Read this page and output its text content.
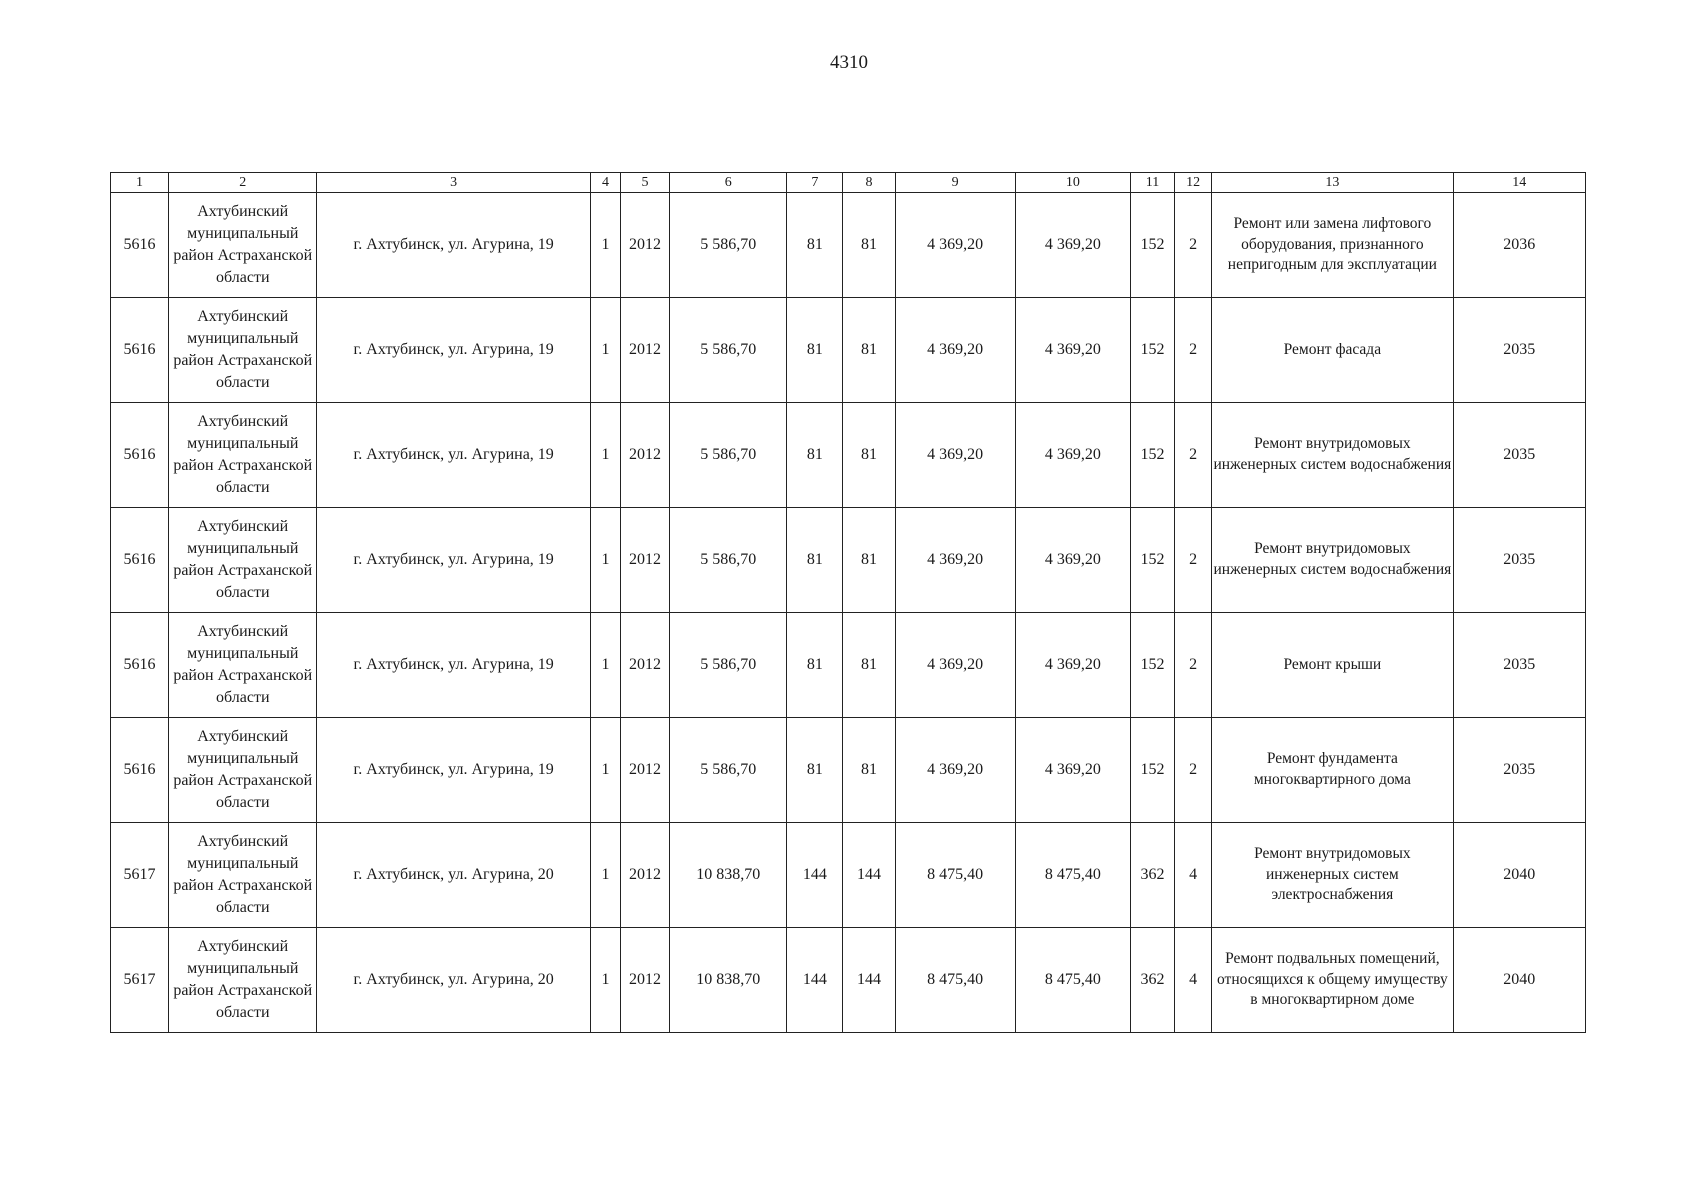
4310
1	2	3	4	5	6	7	8	9	10	11	12	13	14
5616	Ахтубинский муниципальный район Астраханской области	г. Ахтубинск, ул. Агурина, 19	1	2012	5 586,70	81	81	4 369,20	4 369,20	152	2	Ремонт или замена лифтового оборудования, признанного непригодным для эксплуатации	2036
5616	Ахтубинский муниципальный район Астраханской области	г. Ахтубинск, ул. Агурина, 19	1	2012	5 586,70	81	81	4 369,20	4 369,20	152	2	Ремонт фасада	2035
5616	Ахтубинский муниципальный район Астраханской области	г. Ахтубинск, ул. Агурина, 19	1	2012	5 586,70	81	81	4 369,20	4 369,20	152	2	Ремонт внутридомовых инженерных систем водоснабжения	2035
5616	Ахтубинский муниципальный район Астраханской области	г. Ахтубинск, ул. Агурина, 19	1	2012	5 586,70	81	81	4 369,20	4 369,20	152	2	Ремонт внутридомовых инженерных систем водоснабжения	2035
5616	Ахтубинский муниципальный район Астраханской области	г. Ахтубинск, ул. Агурина, 19	1	2012	5 586,70	81	81	4 369,20	4 369,20	152	2	Ремонт крыши	2035
5616	Ахтубинский муниципальный район Астраханской области	г. Ахтубинск, ул. Агурина, 19	1	2012	5 586,70	81	81	4 369,20	4 369,20	152	2	Ремонт фундамента многоквартирного дома	2035
5617	Ахтубинский муниципальный район Астраханской области	г. Ахтубинск, ул. Агурина, 20	1	2012	10 838,70	144	144	8 475,40	8 475,40	362	4	Ремонт внутридомовых инженерных систем электроснабжения	2040
5617	Ахтубинский муниципальный район Астраханской области	г. Ахтубинск, ул. Агурина, 20	1	2012	10 838,70	144	144	8 475,40	8 475,40	362	4	Ремонт подвальных помещений, относящихся к общему имуществу в многоквартирном доме	2040
